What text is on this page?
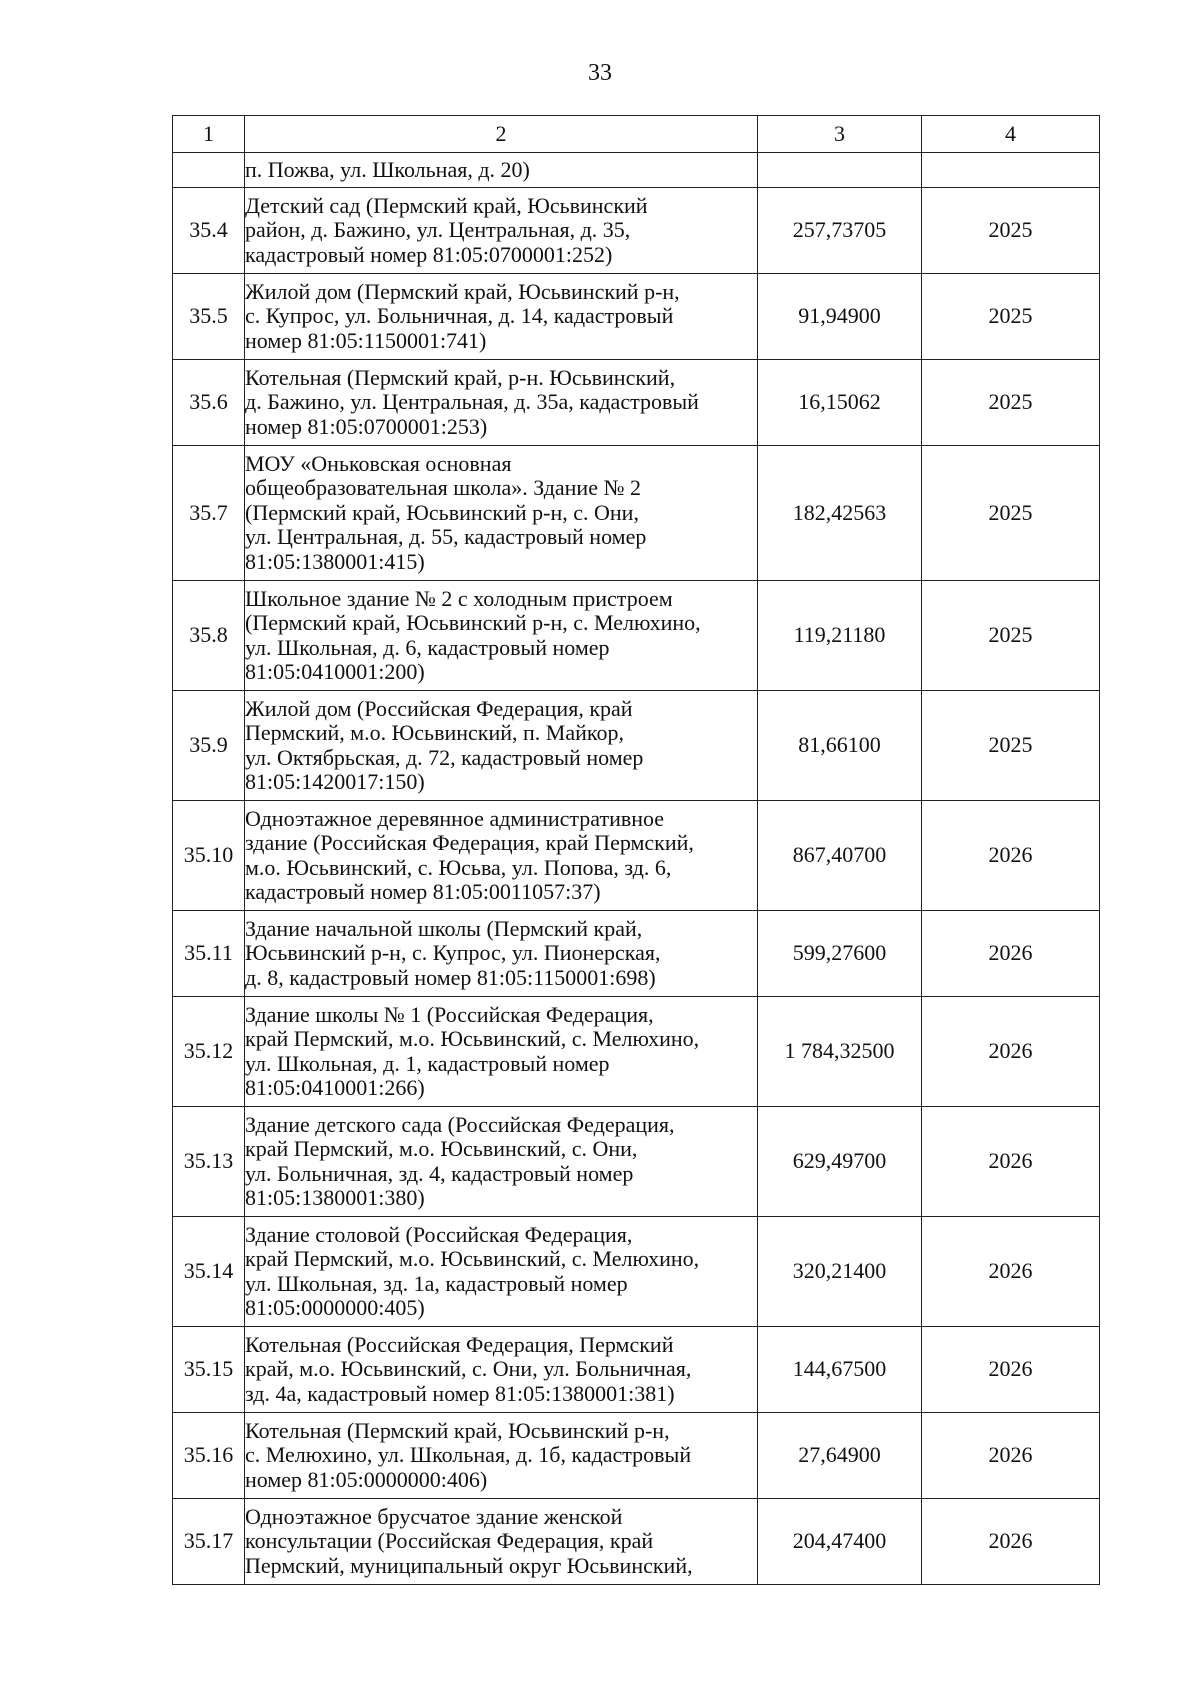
33
1	2	3	4

	п. Пожва, ул. Школьная, д. 20)		

35.4	Детский сад (Пермский край, Юсьвинский
район, д. Бажино, ул. Центральная, д. 35,
кадастровый номер 81:05:0700001:252)	257,73705	2025
35.5	Жилой дом (Пермский край, Юсьвинский р-н,
с. Купрос, ул. Больничная, д. 14, кадастровый
номер 81:05:1150001:741)	91,94900	2025
35.6	Котельная (Пермский край, р-н. Юсьвинский,
д. Бажино, ул. Центральная, д. 35а, кадастровый
номер 81:05:0700001:253)	16,15062	2025
35.7	МОУ «Оньковская основная
общеобразовательная школа». Здание № 2
(Пермский край, Юсьвинский р-н, с. Они,
ул. Центральная, д. 55, кадастровый номер
81:05:1380001:415)	182,42563	2025
35.8	Школьное здание № 2 с холодным пристроем
(Пермский край, Юсьвинский р-н, с. Мелюхино,
ул. Школьная, д. 6, кадастровый номер
81:05:0410001:200)	119,21180	2025
35.9	Жилой дом (Российская Федерация, край
Пермский, м.о. Юсьвинский, п. Майкор,
ул. Октябрьская, д. 72, кадастровый номер
81:05:1420017:150)	81,66100	2025
35.10	Одноэтажное деревянное административное
здание (Российская Федерация, край Пермский,
м.о. Юсьвинский, с. Юсьва, ул. Попова, зд. 6,
кадастровый номер 81:05:0011057:37)	867,40700	2026
35.11	Здание начальной школы (Пермский край,
Юсьвинский р-н, с. Купрос, ул. Пионерская,
д. 8, кадастровый номер 81:05:1150001:698)	599,27600	2026
35.12	Здание школы № 1 (Российская Федерация,
край Пермский, м.о. Юсьвинский, с. Мелюхино,
ул. Школьная, д. 1, кадастровый номер
81:05:0410001:266)	1 784,32500	2026
35.13	Здание детского сада (Российская Федерация,
край Пермский, м.о. Юсьвинский, с. Они,
ул. Больничная, зд. 4, кадастровый номер
81:05:1380001:380)	629,49700	2026
35.14	Здание столовой (Российская Федерация,
край Пермский, м.о. Юсьвинский, с. Мелюхино,
ул. Школьная, зд. 1а, кадастровый номер
81:05:0000000:405)	320,21400	2026
35.15	Котельная (Российская Федерация, Пермский
край, м.о. Юсьвинский, с. Они, ул. Больничная,
зд. 4а, кадастровый номер 81:05:1380001:381)	144,67500	2026
35.16	Котельная (Пермский край, Юсьвинский р-н,
с. Мелюхино, ул. Школьная, д. 1б, кадастровый
номер 81:05:0000000:406)	27,64900	2026
35.17	Одноэтажное брусчатое здание женской
консультации (Российская Федерация, край
Пермский, муниципальный округ Юсьвинский,	204,47400	2026
